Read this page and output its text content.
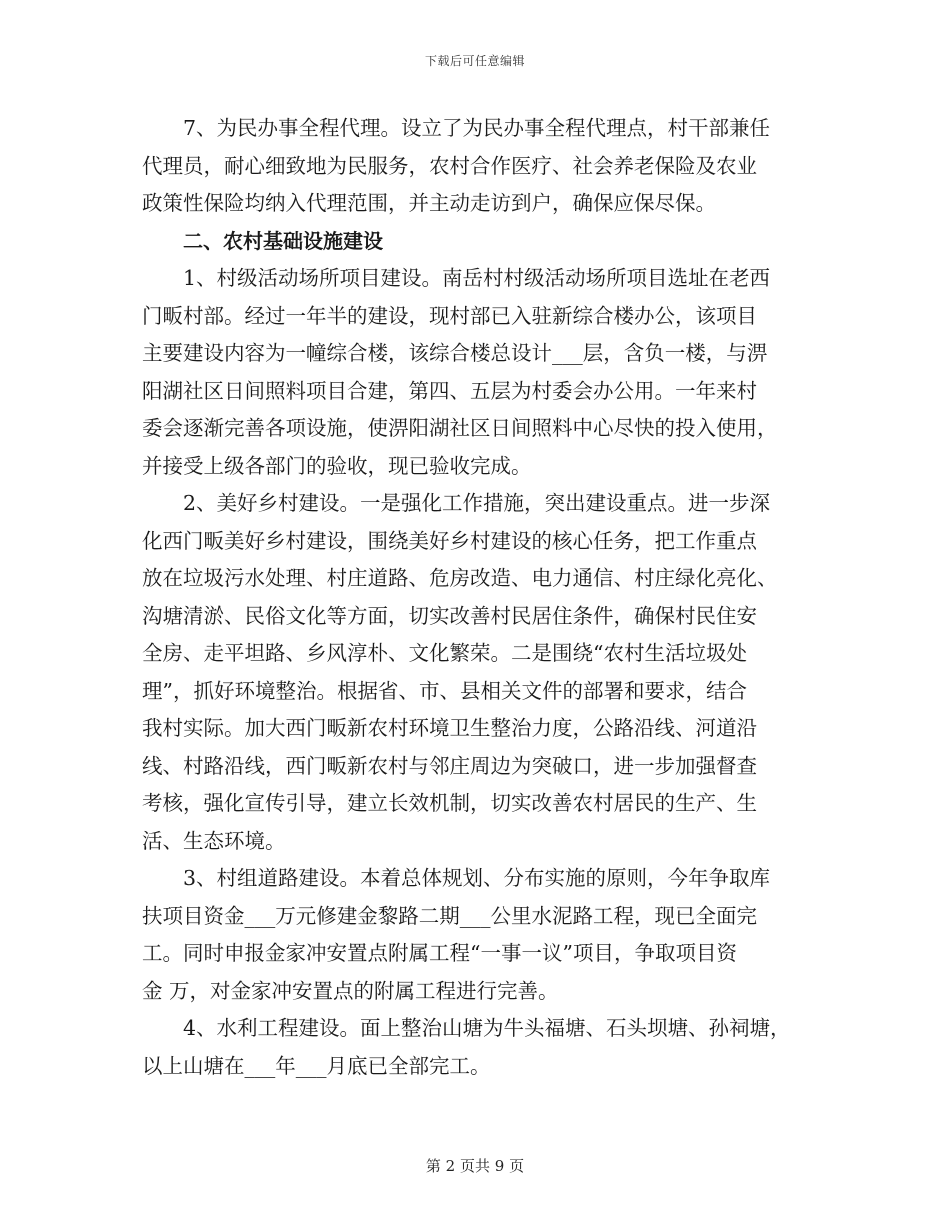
下载后可任意编辑
7、为民办事全程代理。设立了为民办事全程代理点，村干部兼任
代理员，耐心细致地为民服务，农村合作医疗、社会养老保险及农业
政策性保险均纳入代理范围，并主动走访到户，确保应保尽保。
二、农村基础设施建设
1、村级活动场所项目建设。南岳村村级活动场所项目选址在老西
门畈村部。经过一年半的建设，现村部已入驻新综合楼办公，该项目
主要建设内容为一幢综合楼，该综合楼总设计___层，含负一楼，与淠
阳湖社区日间照料项目合建，第四、五层为村委会办公用。一年来村
委会逐渐完善各项设施，使淠阳湖社区日间照料中心尽快的投入使用，
并接受上级各部门的验收，现已验收完成。
2、美好乡村建设。一是强化工作措施，突出建设重点。进一步深
化西门畈美好乡村建设，围绕美好乡村建设的核心任务，把工作重点
放在垃圾污水处理、村庄道路、危房改造、电力通信、村庄绿化亮化、
沟塘清淤、民俗文化等方面，切实改善村民居住条件，确保村民住安
全房、走平坦路、乡风淳朴、文化繁荣。二是围绕“农村生活垃圾处
理”，抓好环境整治。根据省、市、县相关文件的部署和要求，结合
我村实际。加大西门畈新农村环境卫生整治力度，公路沿线、河道沿
线、村路沿线，西门畈新农村与邻庄周边为突破口，进一步加强督查
考核，强化宣传引导，建立长效机制，切实改善农村居民的生产、生
活、生态环境。
3、村组道路建设。本着总体规划、分布实施的原则，今年争取库
扶项目资金___万元修建金黎路二期___公里水泥路工程，现已全面完
工。同时申报金家冲安置点附属工程“一事一议”项目，争取项目资
金 万，对金家冲安置点的附属工程进行完善。
4、水利工程建设。面上整治山塘为牛头福塘、石头坝塘、孙祠塘，
以上山塘在___年___月底已全部完工。
第 2 页共 9 页
